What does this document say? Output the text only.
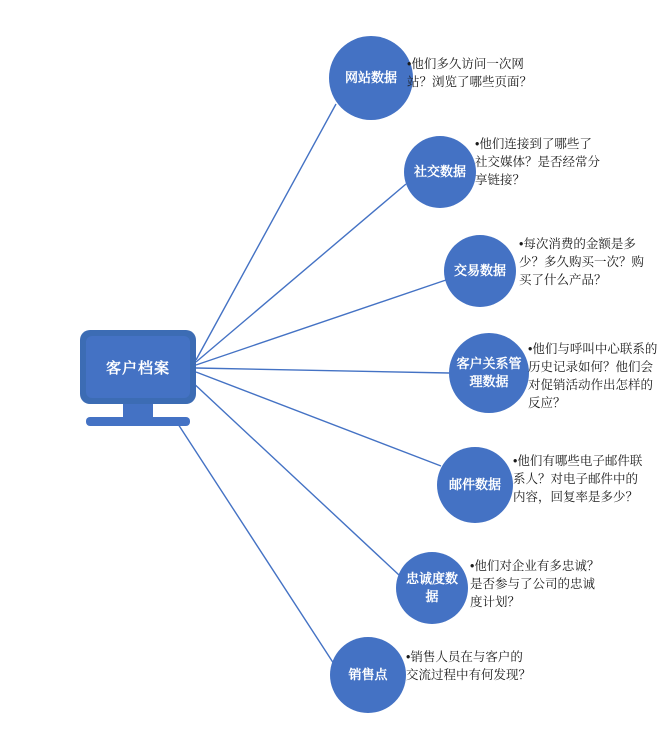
客户档案
网站数据
•他们多久访问一次网站？浏览了哪些页面？
社交数据
•他们连接到了哪些了社交媒体？是否经常分享链接？
交易数据
•每次消费的金额是多少？多久购买一次？购买了什么产品？
客户关系管理数据
•他们与呼叫中心联系的历史记录如何？他们会对促销活动作出怎样的反应？
邮件数据
•他们有哪些电子邮件联系人？对电子邮件中的内容，回复率是多少？
忠诚度数据
•他们对企业有多忠诚？是否参与了公司的忠诚度计划？
销售点
•销售人员在与客户的交流过程中有何发现？
